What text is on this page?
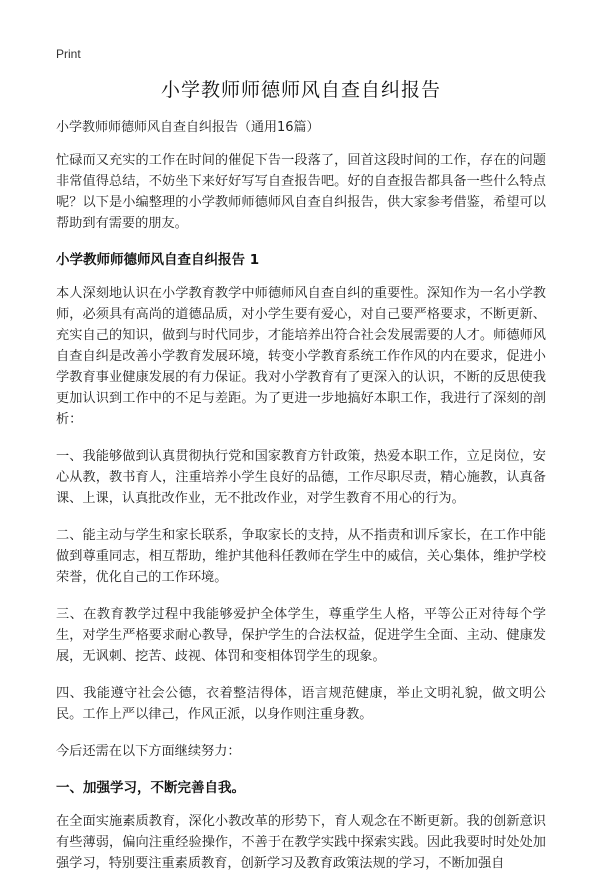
Print
小学教师师德师风自查自纠报告
小学教师师德师风自查自纠报告（通用16篇）

忙碌而又充实的工作在时间的催促下告一段落了，回首这段时间的工作，存在的问题非常值得总结，不妨坐下来好好写写自查报告吧。好的自查报告都具备一些什么特点呢？以下是小编整理的小学教师师德师风自查自纠报告，供大家参考借鉴，希望可以帮助到有需要的朋友。

小学教师师德师风自查自纠报告 1

本人深刻地认识在小学教育教学中师德师风自查自纠的重要性。深知作为一名小学教师，必须具有高尚的道德品质，对小学生要有爱心，对自己要严格要求，不断更新、充实自己的知识，做到与时代同步，才能培养出符合社会发展需要的人才。师德师风自查自纠是改善小学教育发展环境，转变小学教育系统工作作风的内在要求，促进小学教育事业健康发展的有力保证。我对小学教育有了更深入的认识，不断的反思使我更加认识到工作中的不足与差距。为了更进一步地搞好本职工作，我进行了深刻的剖析：

一、我能够做到认真贯彻执行党和国家教育方针政策，热爱本职工作，立足岗位，安心从教，教书育人，注重培养小学生良好的品德，工作尽职尽责，精心施教，认真备课、上课，认真批改作业，无不批改作业，对学生教育不用心的行为。

二、能主动与学生和家长联系，争取家长的支持，从不指责和训斥家长，在工作中能做到尊重同志，相互帮助，维护其他科任教师在学生中的威信，关心集体，维护学校荣誉，优化自己的工作环境。

三、在教育教学过程中我能够爱护全体学生，尊重学生人格，平等公正对待每个学生，对学生严格要求耐心教导，保护学生的合法权益，促进学生全面、主动、健康发展，无讽刺、挖苦、歧视、体罚和变相体罚学生的现象。

四、我能遵守社会公德，衣着整洁得体，语言规范健康，举止文明礼貌，做文明公民。工作上严以律己，作风正派，以身作则注重身教。

今后还需在以下方面继续努力：

一、加强学习，不断完善自我。

在全面实施素质教育，深化小教改革的形势下，育人观念在不断更新。我的创新意识有些薄弱，偏向注重经验操作，不善于在教学实践中探索实践。因此我要时时处处加强学习，特别要注重素质教育，创新学习及教育政策法规的学习，不断加强自
